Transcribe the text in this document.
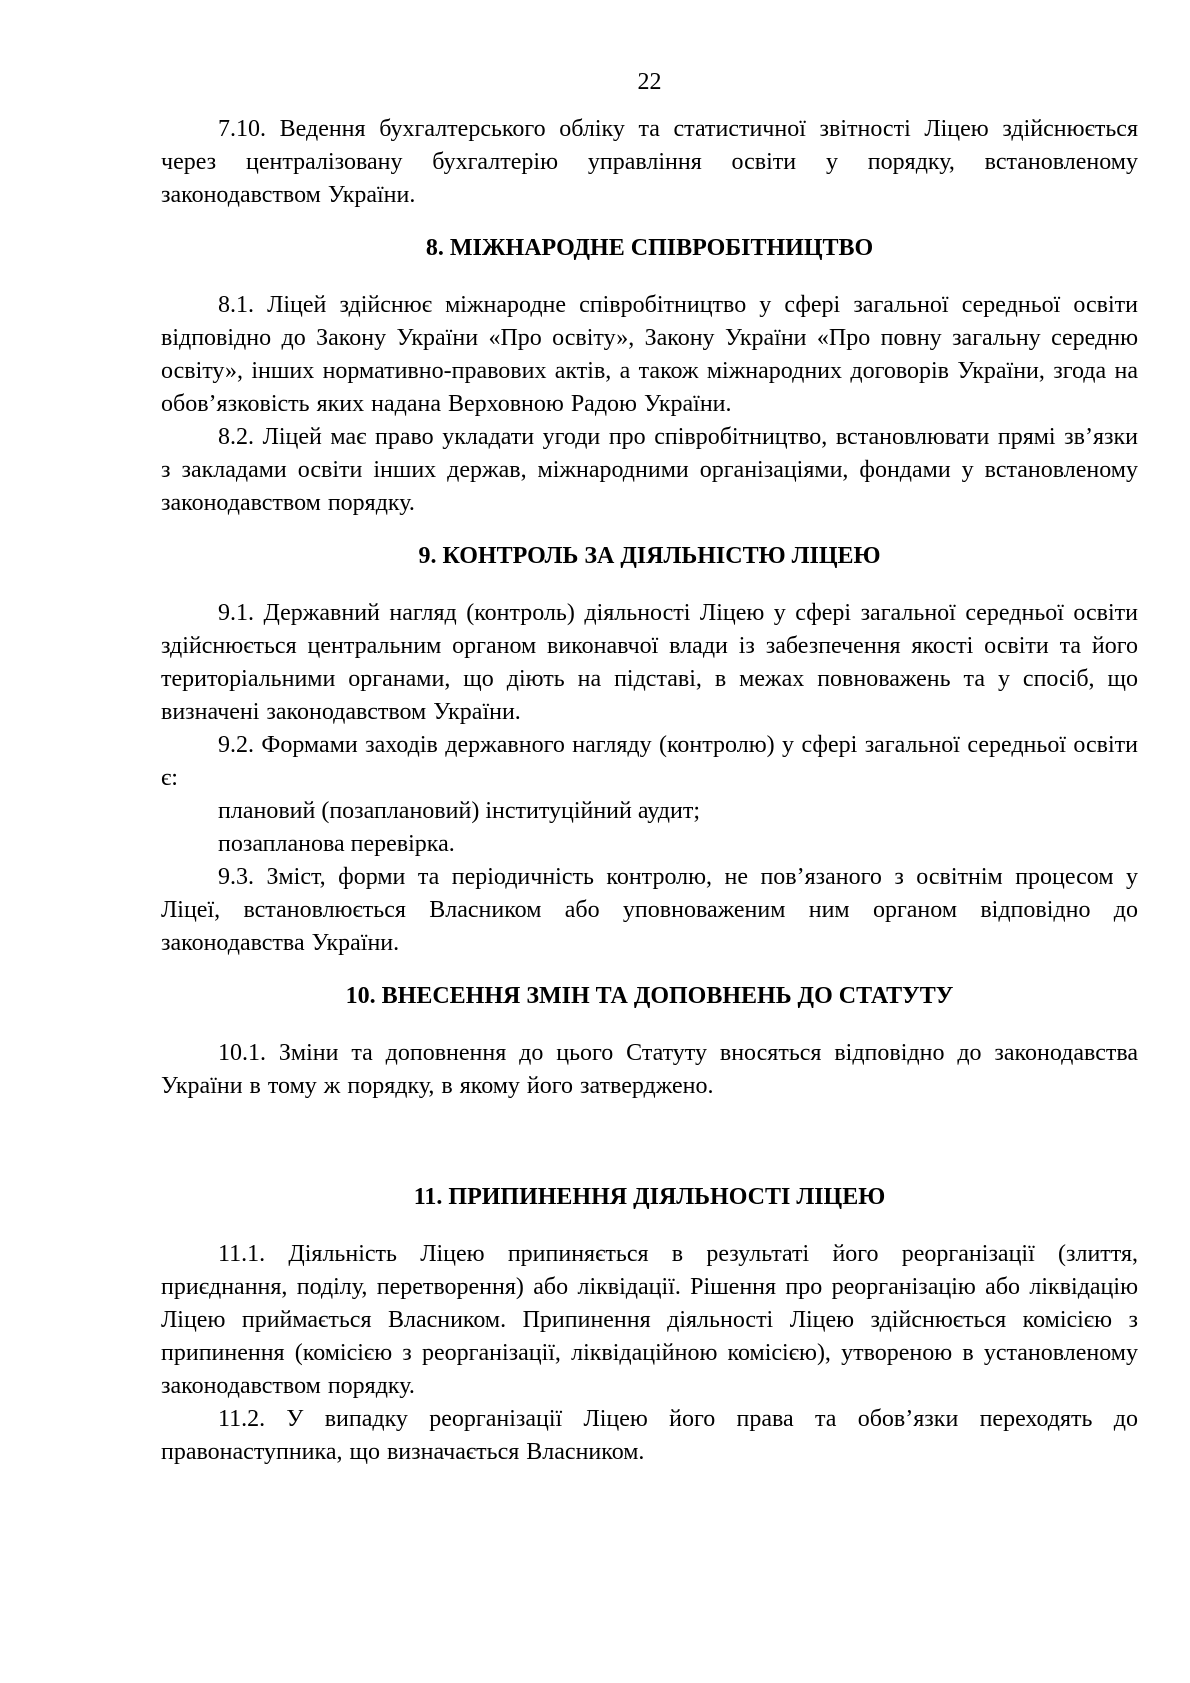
22

7.10. Ведення бухгалтерського обліку та статистичної звітності Ліцею здійснюється через централізовану бухгалтерію управління освіти у порядку, встановленому законодавством України.

8. МІЖНАРОДНЕ СПІВРОБІТНИЦТВО

8.1. Ліцей здійснює міжнародне співробітництво у сфері загальної середньої освіти відповідно до Закону України «Про освіту», Закону України «Про повну загальну середню освіту», інших нормативно-правових актів, а також міжнародних договорів України, згода на обов’язковість яких надана Верховною Радою України.

8.2. Ліцей має право укладати угоди про співробітництво, встановлювати прямі зв’язки з закладами освіти інших держав, міжнародними організаціями, фондами у встановленому законодавством порядку.

9. КОНТРОЛЬ ЗА ДІЯЛЬНІСТЮ ЛІЦЕЮ

9.1. Державний нагляд (контроль) діяльності Ліцею у сфері загальної середньої освіти здійснюється центральним органом виконавчої влади із забезпечення якості освіти та його територіальними органами, що діють на підставі, в межах повноважень та у спосіб, що визначені законодавством України.

9.2. Формами заходів державного нагляду (контролю) у сфері загальної середньої освіти є:

плановий (позаплановий) інституційний аудит;

позапланова перевірка.

9.3. Зміст, форми та періодичність контролю, не пов’язаного з освітнім процесом у Ліцеї, встановлюється Власником або уповноваженим ним органом відповідно до законодавства України.

10. ВНЕСЕННЯ ЗМІН ТА ДОПОВНЕНЬ ДО СТАТУТУ

10.1. Зміни та доповнення до цього Статуту вносяться відповідно до законодавства України в тому ж порядку, в якому його затверджено.

11. ПРИПИНЕННЯ ДІЯЛЬНОСТІ ЛІЦЕЮ

11.1. Діяльність Ліцею припиняється в результаті його реорганізації (злиття, приєднання, поділу, перетворення) або ліквідації. Рішення про реорганізацію або ліквідацію Ліцею приймається Власником. Припинення діяльності Ліцею здійснюється комісією з припинення (комісією з реорганізації, ліквідаційною комісією), утвореною в установленому законодавством порядку.

11.2. У випадку реорганізації Ліцею його права та обов’язки переходять до правонаступника, що визначається Власником.
